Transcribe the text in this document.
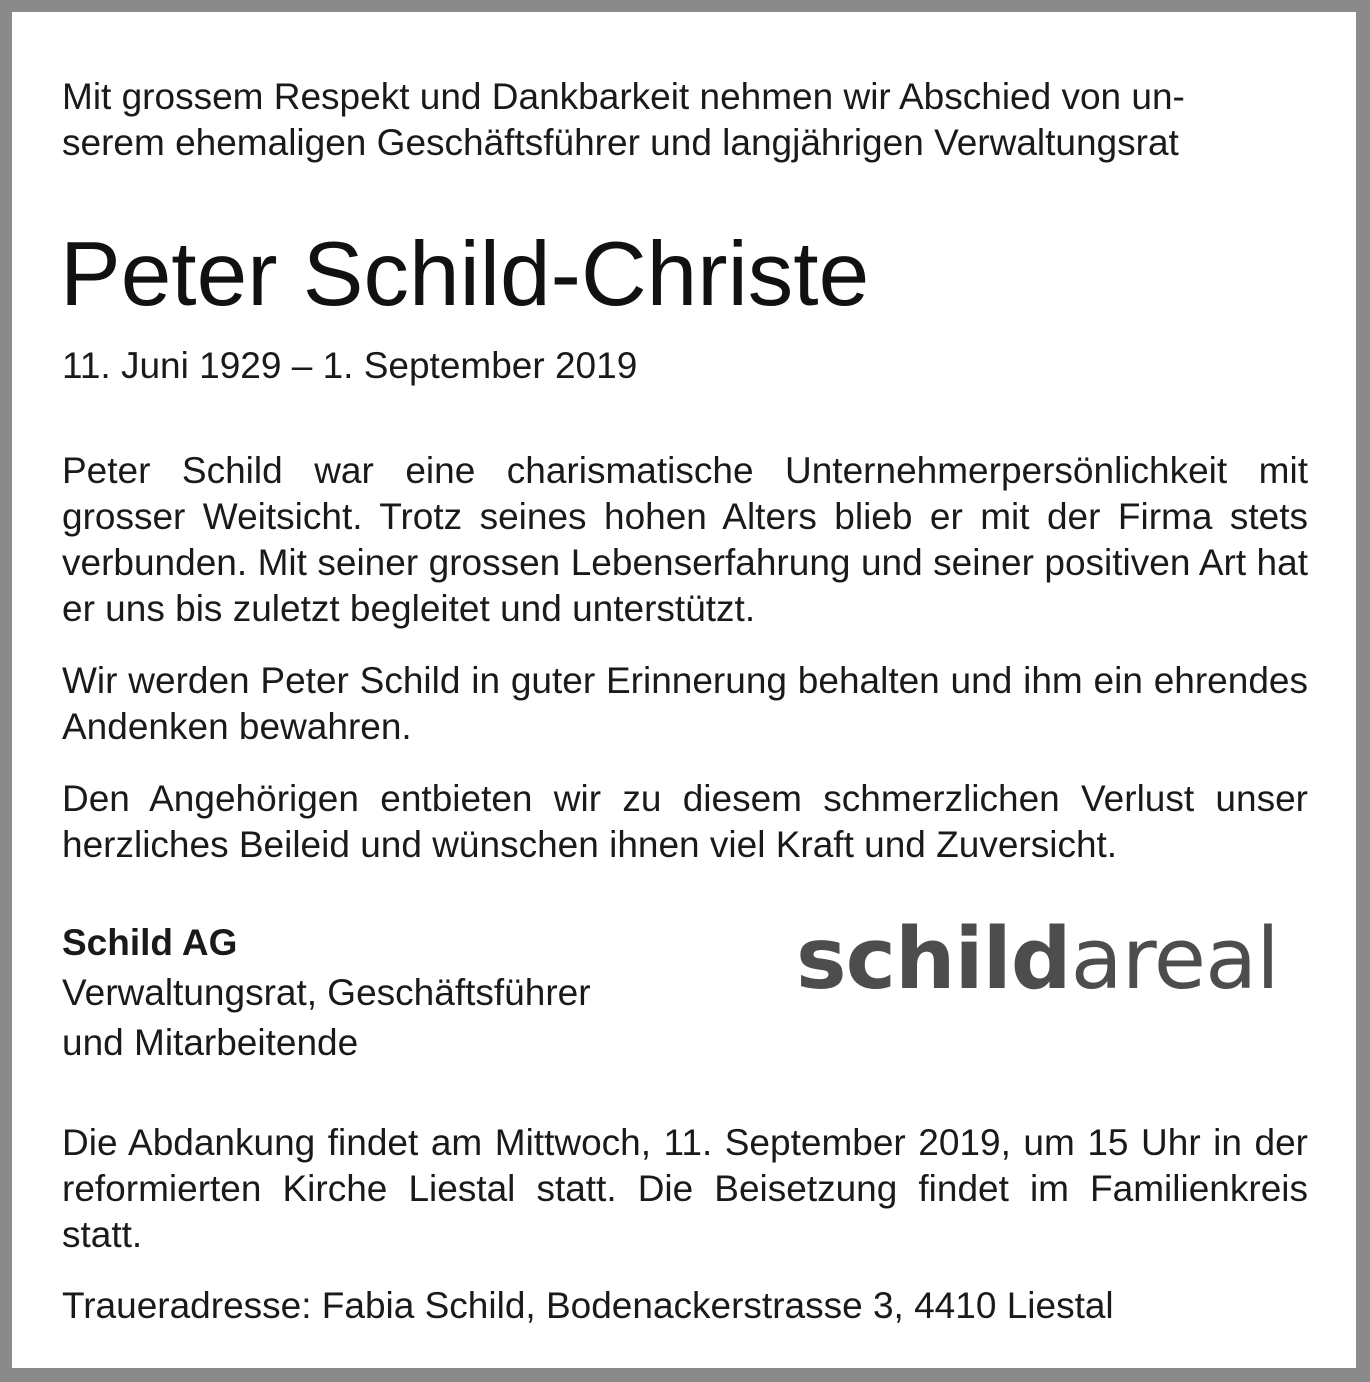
Mit grossem Respekt und Dankbarkeit nehmen wir Abschied von un-

serem ehemaligen Geschäftsführer und langjährigen Verwaltungsrat

Peter Schild-Christe

11. Juni 1929 – 1. September 2019

Peter Schild war eine charismatische Unternehmerpersönlichkeit mit grosser Weitsicht. Trotz seines hohen Alters blieb er mit der Firma stets verbunden. Mit seiner grossen Lebenserfahrung und seiner positiven Art hat er uns bis zuletzt begleitet und unterstützt.

Wir werden Peter Schild in guter Erinnerung behalten und ihm ein ehrendes Andenken bewahren.

Den Angehörigen entbieten wir zu diesem schmerzlichen Verlust unser herzliches Beileid und wünschen ihnen viel Kraft und Zuversicht.

Schild AG

Verwaltungsrat, Geschäftsführer

und Mitarbeitende

Die Abdankung findet am Mittwoch, 11. September 2019, um 15 Uhr in der reformierten Kirche Liestal statt. Die Beisetzung findet im Familienkreis statt.

Traueradresse: Fabia Schild, Bodenackerstrasse 3, 4410 Liestal

schildareal
